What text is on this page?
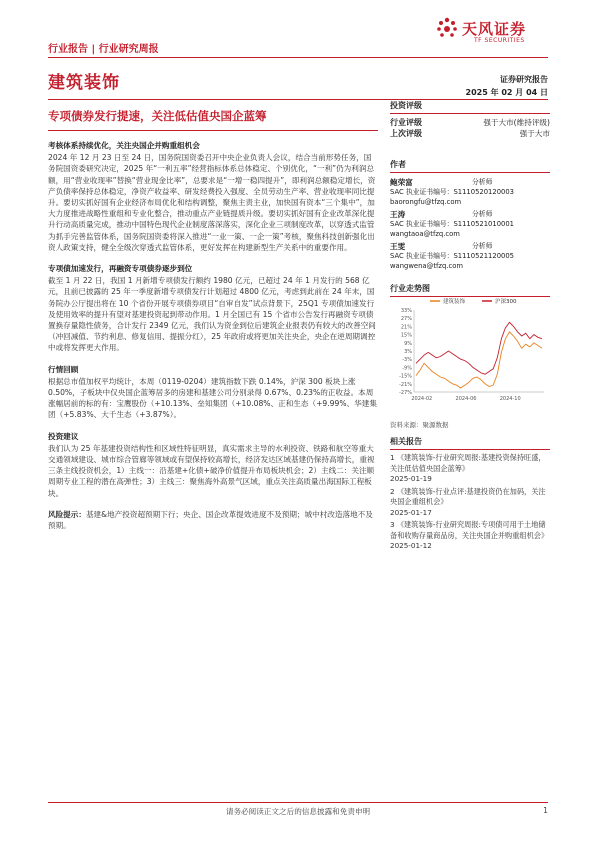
天风证券
TF SECURITIES
行业报告 | 行业研究周报
建筑装饰	证券研究报告
2025 年 02 月 04 日
专项债券发行提速，关注低估值央国企蓝筹
考核体系持续优化，关注央国企并购重组机会

2024 年 12 月 23 日至 24 日，国务院国资委召开中央企业负责人会议，结合当前形势任务，国务院国资委研究决定，2025 年“一利五率”经营指标体系总体稳定、个别优化，“一利”仍为利润总额，用“营业收现率”替换“营业现金比率”，总要求是“一增一稳四提升”，即利润总额稳定增长，资产负债率保持总体稳定，净资产收益率、研发经费投入强度、全员劳动生产率、营业收现率同比提升。要切实抓好国有企业经济布局优化和结构调整，聚焦主责主业，加快国有资本“三个集中”，加大力度推进战略性重组和专业化整合，推动重点产业链提质升级。要切实抓好国有企业改革深化提升行动高质量完成，推动中国特色现代企业制度落深落实，深化企业三项制度改革，以穿透式监管为抓手完善监管体系，国务院国资委将深入推进“一业一策、一企一策”考核，聚焦科技创新强化出资人政策支持，健全全级次穿透式监管体系，更好发挥在构建新型生产关系中的重要作用。

专项债加速发行，再融资专项债券逐步到位

截至 1 月 22 日，我国 1 月新增专项债发行额约 1980 亿元，已超过 24 年 1 月发行的 568 亿元，且前已披露的 25 年一季度新增专项债发行计划超过 4800 亿元，考虑到此前在 24 年末，国务院办公厅提出将在 10 个省份开展专项债券项目“自审自发”试点背景下，25Q1 专项债加速发行及使用效率的提升有望对基建投资起到带动作用。1 月全国已有 15 个省市公告发行再融资专项债置换存量隐性债务，合计发行 2349 亿元，我们认为资金到位后建筑企业报表仍有较大的改善空间（冲回减值、节约利息、修复信用、提振分红），25 年政府或将更加关注央企，央企在逆周期调控中或将发挥更大作用。

行情回顾

根据总市值加权平均统计，本周（0119-0204）建筑指数下跌 0.14%，沪深 300 板块上涨 0.50%，子板块中仅央国企蓝筹居多的房建和基建公司分别录得 0.67%、0.23%的正收益。本周涨幅居前的标的有：宝鹰股份（+10.13%、垒知集团（+10.08%、正和生态（+9.99%、华建集团（+5.83%、大千生态（+3.87%）。

投资建议

我们认为 25 年基建投资结构性和区域性特征明显，真实需求主导的水利投资、铁路和航空等重大交通领域建设、城市综合管廊等领域或有望保持较高增长，经济发达区域基建仍保持高增长，重视三条主线投资机会，1）主线一：沿基建+化债+破净价值提升布局板块机会；2）主线二：关注顺周期专业工程的潜在高弹性；3）主线三：聚焦海外高景气区域，重点关注高质量出海国际工程板块。

风险提示：基建&地产投资超预期下行；央企、国企改革提效进度不及预期；城中村改造落地不及预期。

投资评级
行业评级	强于大市(维持评级)
上次评级	强于大市
作者
鲍荣富	分析师
SAC 执业证书编号：S1110520120003
baorongfu@tfzq.com
王涛	分析师
SAC 执业证书编号：S1110521010001
wangtaoa@tfzq.com
王雯	分析师
SAC 执业证书编号：S1110521120005
wangwena@tfzq.com
行业走势图
33%
27%
21%
15%
9%
3%
-3%
-9%
-15%
-21%
-27%
2024-02	2024-06	2024-10
建筑装饰	沪深300
资料来源：聚源数据
相关报告
1 《建筑装饰-行业研究周报:基建投资保持旺盛，关注低估值央国企蓝筹》
2025-01-19
2 《建筑装饰-行业点评:基建投资仍在加码，关注央国企重组机会》
2025-01-17
3 《建筑装饰-行业研究周报:专项债可用于土地储备和收购存量商品房，关注央国企并购重组机会》 2025-01-12
请务必阅读正文之后的信息披露和免责申明	1
